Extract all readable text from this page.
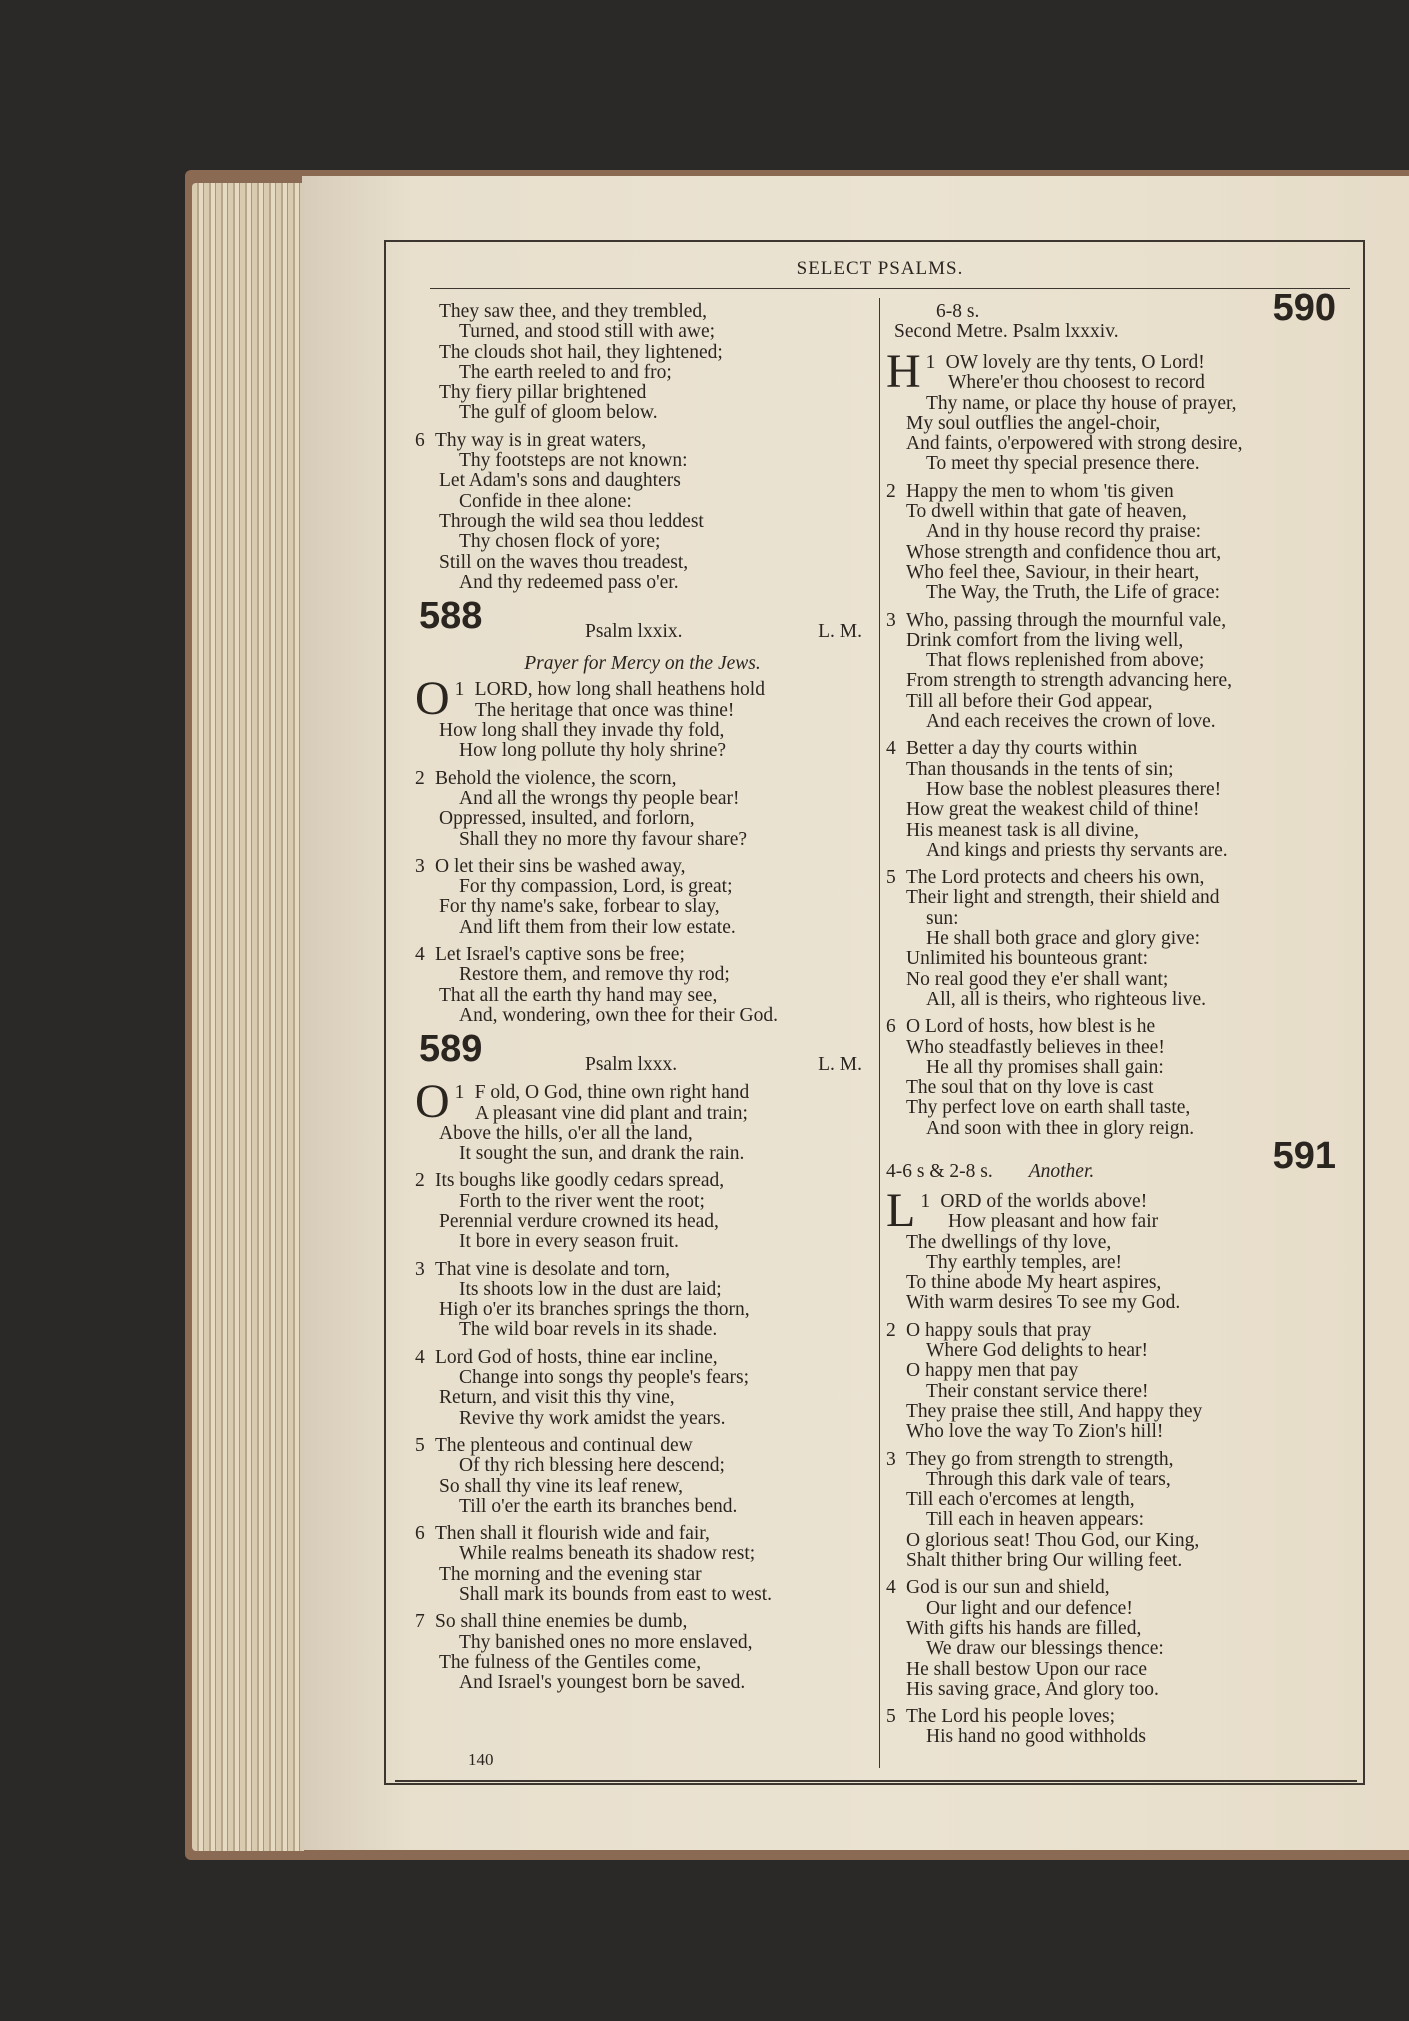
SELECT PSALMS.
They saw thee, and they trembled,
Turned, and stood still with awe;
The clouds shot hail, they lightened;
The earth reeled to and fro;
Thy fiery pillar brightened
The gulf of gloom below.
6 Thy way is in great waters,
Thy footsteps are not known:
Let Adam's sons and daughters
Confide in thee alone:
Through the wild sea thou leddest
Thy chosen flock of yore;
Still on the waves thou treadest,
And thy redeemed pass o'er.
588	Psalm lxxix.	L. M.
Prayer for Mercy on the Jews.
1
O LORD, how long shall heathens hold
The heritage that once was thine!
How long shall they invade thy fold,
How long pollute thy holy shrine?
2 Behold the violence, the scorn,
And all the wrongs thy people bear!
Oppressed, insulted, and forlorn,
Shall they no more thy favour share?
3 O let their sins be washed away,
For thy compassion, Lord, is great;
For thy name's sake, forbear to slay,
And lift them from their low estate.
4 Let Israel's captive sons be free;
Restore them, and remove thy rod;
That all the earth thy hand may see,
And, wondering, own thee for their God.
589	Psalm lxxx.	L. M.
1
O F old, O God, thine own right hand
A pleasant vine did plant and train;
Above the hills, o'er all the land,
It sought the sun, and drank the rain.
2 Its boughs like goodly cedars spread,
Forth to the river went the root;
Perennial verdure crowned its head,
It bore in every season fruit.
3 That vine is desolate and torn,
Its shoots low in the dust are laid;
High o'er its branches springs the thorn,
The wild boar revels in its shade.
4 Lord God of hosts, thine ear incline,
Change into songs thy people's fears;
Return, and visit this thy vine,
Revive thy work amidst the years.
5 The plenteous and continual dew
Of thy rich blessing here descend;
So shall thy vine its leaf renew,
Till o'er the earth its branches bend.
6 Then shall it flourish wide and fair,
While realms beneath its shadow rest;
The morning and the evening star
Shall mark its bounds from east to west.
7 So shall thine enemies be dumb,
Thy banished ones no more enslaved,
The fulness of the Gentiles come,
And Israel's youngest born be saved.
590
6-8 s.
Second Metre. Psalm lxxxiv.
1
H OW lovely are thy tents, O Lord!
Where'er thou choosest to record
Thy name, or place thy house of prayer,
My soul outflies the angel-choir,
And faints, o'erpowered with strong desire,
To meet thy special presence there.
2 Happy the men to whom 'tis given
To dwell within that gate of heaven,
And in thy house record thy praise:
Whose strength and confidence thou art,
Who feel thee, Saviour, in their heart,
The Way, the Truth, the Life of grace:
3 Who, passing through the mournful vale,
Drink comfort from the living well,
That flows replenished from above;
From strength to strength advancing here,
Till all before their God appear,
And each receives the crown of love.
4 Better a day thy courts within
Than thousands in the tents of sin;
How base the noblest pleasures there!
How great the weakest child of thine!
His meanest task is all divine,
And kings and priests thy servants are.
5 The Lord protects and cheers his own,
Their light and strength, their shield and
sun:
He shall both grace and glory give:
Unlimited his bounteous grant:
No real good they e'er shall want;
All, all is theirs, who righteous live.
6 O Lord of hosts, how blest is he
Who steadfastly believes in thee!
He all thy promises shall gain:
The soul that on thy love is cast
Thy perfect love on earth shall taste,
And soon with thee in glory reign.
591
4-6 s & 2-8 s. Another.
1
L ORD of the worlds above!
How pleasant and how fair
The dwellings of thy love,
Thy earthly temples, are!
To thine abode My heart aspires,
With warm desires To see my God.
2 O happy souls that pray
Where God delights to hear!
O happy men that pay
Their constant service there!
They praise thee still, And happy they
Who love the way To Zion's hill!
3 They go from strength to strength,
Through this dark vale of tears,
Till each o'ercomes at length,
Till each in heaven appears:
O glorious seat! Thou God, our King,
Shalt thither bring Our willing feet.
4 God is our sun and shield,
Our light and our defence!
With gifts his hands are filled,
We draw our blessings thence:
He shall bestow Upon our race
His saving grace, And glory too.
5 The Lord his people loves;
His hand no good withholds
140
